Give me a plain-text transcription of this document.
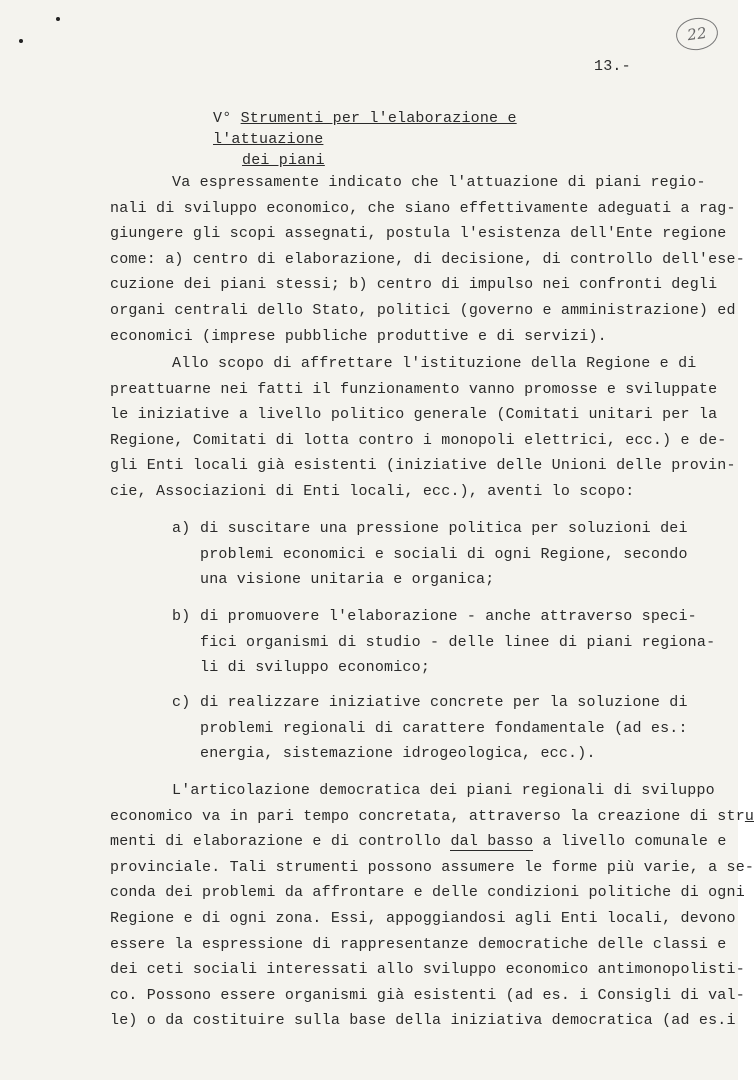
22
13.-
V° Strumenti per l'elaborazione e l'attuazione
dei piani
Va espressamente indicato che l'attuazione di piani regio-
nali di sviluppo economico, che siano effettivamente adeguati a rag-
giungere gli scopi assegnati, postula l'esistenza dell'Ente regione
come: a) centro di elaborazione, di decisione, di controllo dell'ese-
cuzione dei piani stessi; b) centro di impulso nei confronti degli
organi centrali dello Stato, politici (governo e amministrazione) ed
economici (imprese pubbliche produttive e di servizi).
Allo scopo di affrettare l'istituzione della Regione e di
preattuarne nei fatti il funzionamento vanno promosse e sviluppate
le iniziative a livello politico generale (Comitati unitari per la
Regione, Comitati di lotta contro i monopoli elettrici, ecc.) e de-
gli Enti locali già esistenti (iniziative delle Unioni delle provin-
cie, Associazioni di Enti locali, ecc.), aventi lo scopo:
a) di suscitare una pressione politica per soluzioni dei
problemi economici e sociali di ogni Regione, secondo
una visione unitaria e organica;
b) di promuovere l'elaborazione - anche attraverso speci-
fici organismi di studio - delle linee di piani regiona-
li di sviluppo economico;
c) di realizzare iniziative concrete per la soluzione di
problemi regionali di carattere fondamentale (ad es.:
energia, sistemazione idrogeologica, ecc.).
L'articolazione democratica dei piani regionali di sviluppo
economico va in pari tempo concretata, attraverso la creazione di stru
menti di elaborazione e di controllo dal basso a livello comunale e
provinciale. Tali strumenti possono assumere le forme più varie, a se-
conda dei problemi da affrontare e delle condizioni politiche di ogni
Regione e di ogni zona. Essi, appoggiandosi agli Enti locali, devono
essere la espressione di rappresentanze democratiche delle classi e
dei ceti sociali interessati allo sviluppo economico antimonopolisti-
co. Possono essere organismi già esistenti (ad es. i Consigli di val-
le) o da costituire sulla base della iniziativa democratica (ad es.i
